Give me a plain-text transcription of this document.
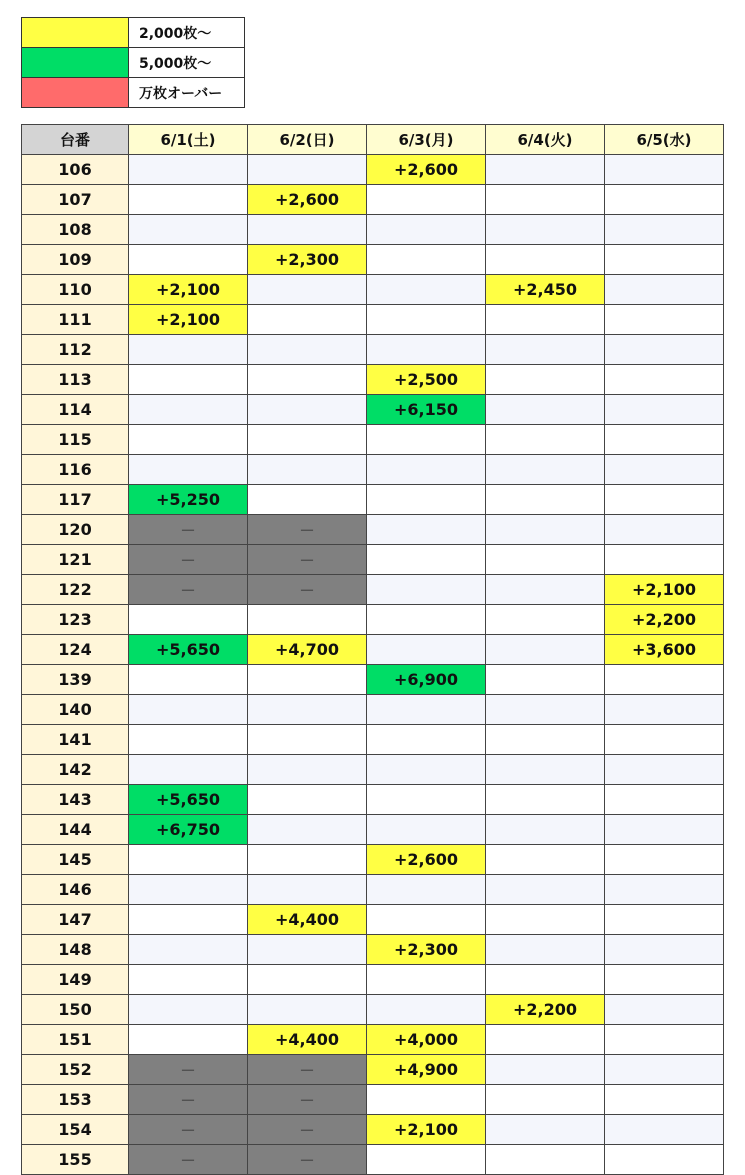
	2,000枚～
	5,000枚～
	万枚オーバー
台番	6/1(土)	6/2(日)	6/3(月)	6/4(火)	6/5(水)
106			+2,600		
107		+2,600			
108					
109		+2,300			
110	+2,100			+2,450	
111	+2,100				
112					
113			+2,500		
114			+6,150		
115					
116					
117	+5,250				
120	－	－			
121	－	－			
122	－	－			+2,100
123					+2,200
124	+5,650	+4,700			+3,600
139			+6,900		
140					
141					
142					
143	+5,650				
144	+6,750				
145			+2,600		
146					
147		+4,400			
148			+2,300		
149					
150				+2,200	
151		+4,400	+4,000		
152	－	－	+4,900		
153	－	－			
154	－	－	+2,100		
155	－	－			
